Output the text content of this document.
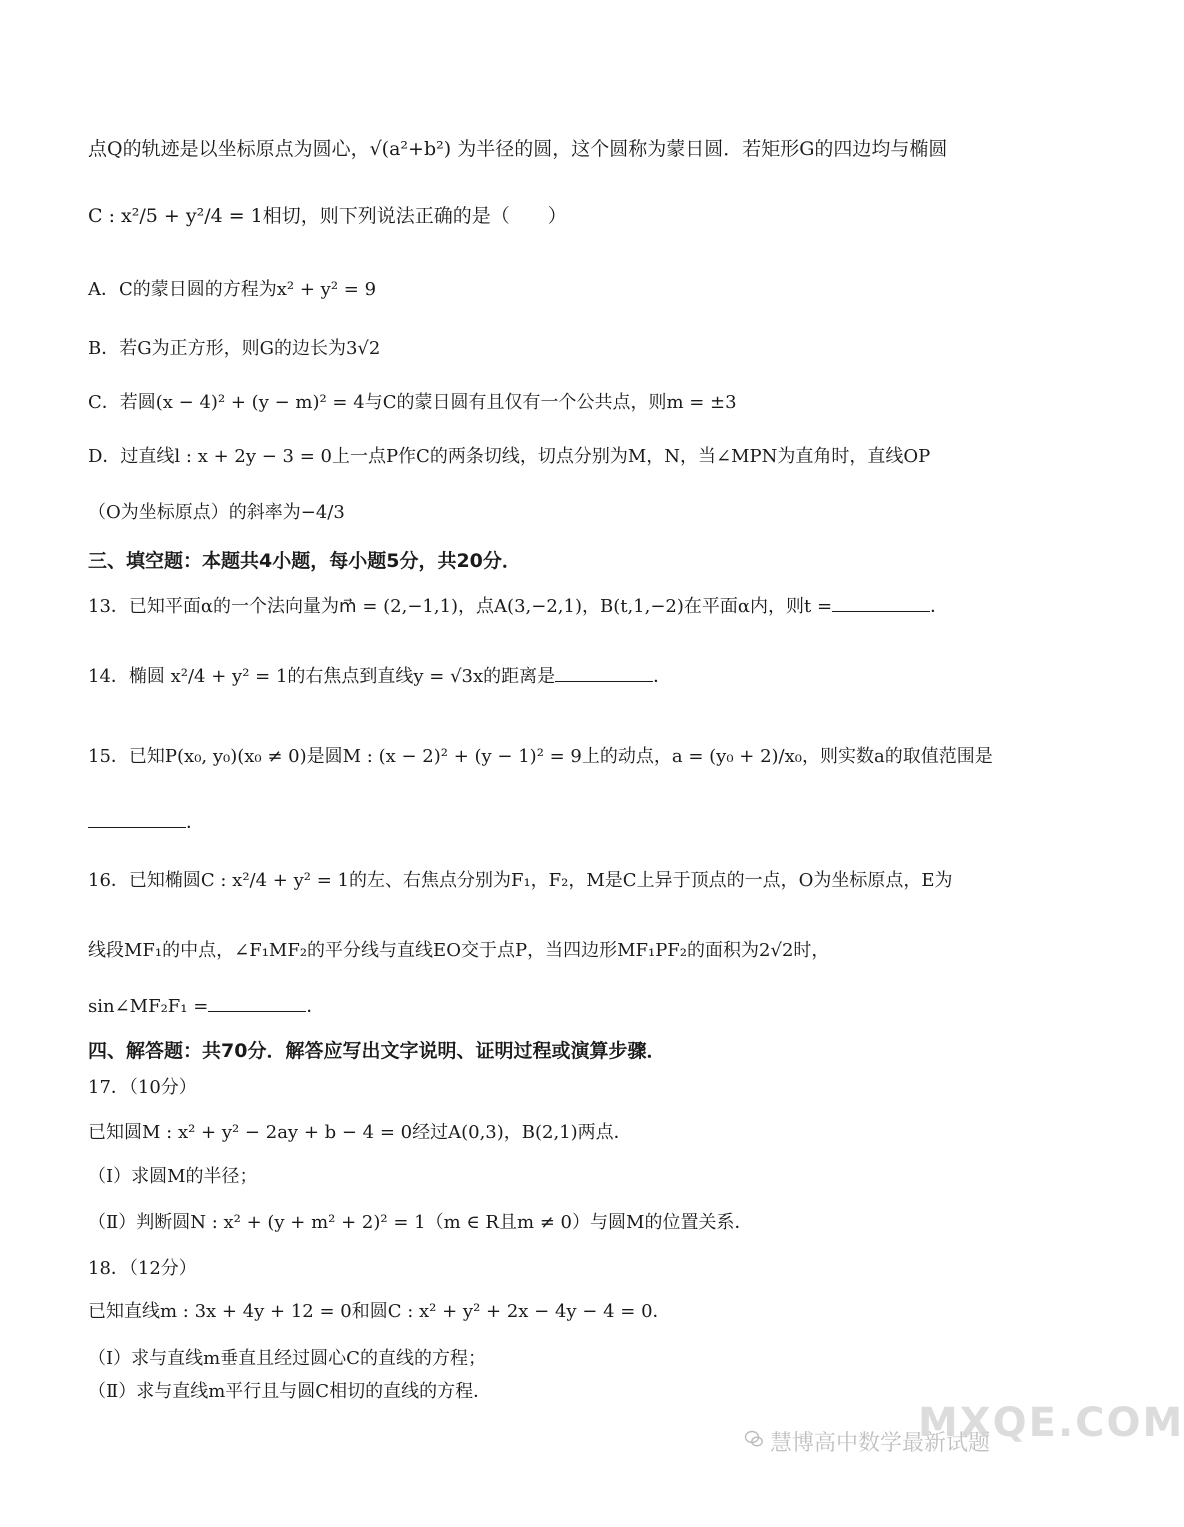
点Q的轨迹是以坐标原点为圆心，√(a²+b²) 为半径的圆，这个圆称为蒙日圆．若矩形G的四边均与椭圆
C : x²/5 + y²/4 = 1相切，则下列说法正确的是（　　）
A．C的蒙日圆的方程为x² + y² = 9
B．若G为正方形，则G的边长为3√2
C．若圆(x − 4)² + (y − m)² = 4与C的蒙日圆有且仅有一个公共点，则m = ±3
D．过直线l : x + 2y − 3 = 0上一点P作C的两条切线，切点分别为M，N，当∠MPN为直角时，直线OP
（O为坐标原点）的斜率为−4/3
三、填空题：本题共4小题，每小题5分，共20分．
13．已知平面α的一个法向量为m⃗ = (2,−1,1)，点A(3,−2,1)，B(t,1,−2)在平面α内，则t =	．
14．椭圆 x²/4 + y² = 1的右焦点到直线y = √3x的距离是	．
15．已知P(x₀, y₀)(x₀ ≠ 0)是圆M : (x − 2)² + (y − 1)² = 9上的动点，a = (y₀ + 2)/x₀，则实数a的取值范围是
．
16．已知椭圆C : x²/4 + y² = 1的左、右焦点分别为F₁，F₂，M是C上异于顶点的一点，O为坐标原点，E为
线段MF₁的中点，∠F₁MF₂的平分线与直线EO交于点P，当四边形MF₁PF₂的面积为2√2时，
sin∠MF₂F₁ =	．
四、解答题：共70分．解答应写出文字说明、证明过程或演算步骤．
17．（10分）
已知圆M : x² + y² − 2ay + b − 4 = 0经过A(0,3)，B(2,1)两点．
（Ⅰ）求圆M的半径；
（Ⅱ）判断圆N : x² + (y + m² + 2)² = 1（m ∈ R且m ≠ 0）与圆M的位置关系．
18．（12分）
已知直线m : 3x + 4y + 12 = 0和圆C : x² + y² + 2x − 4y − 4 = 0．
（Ⅰ）求与直线m垂直且经过圆心C的直线的方程；
（Ⅱ）求与直线m平行且与圆C相切的直线的方程．
慧博高中数学最新试题
MXQE.COM
